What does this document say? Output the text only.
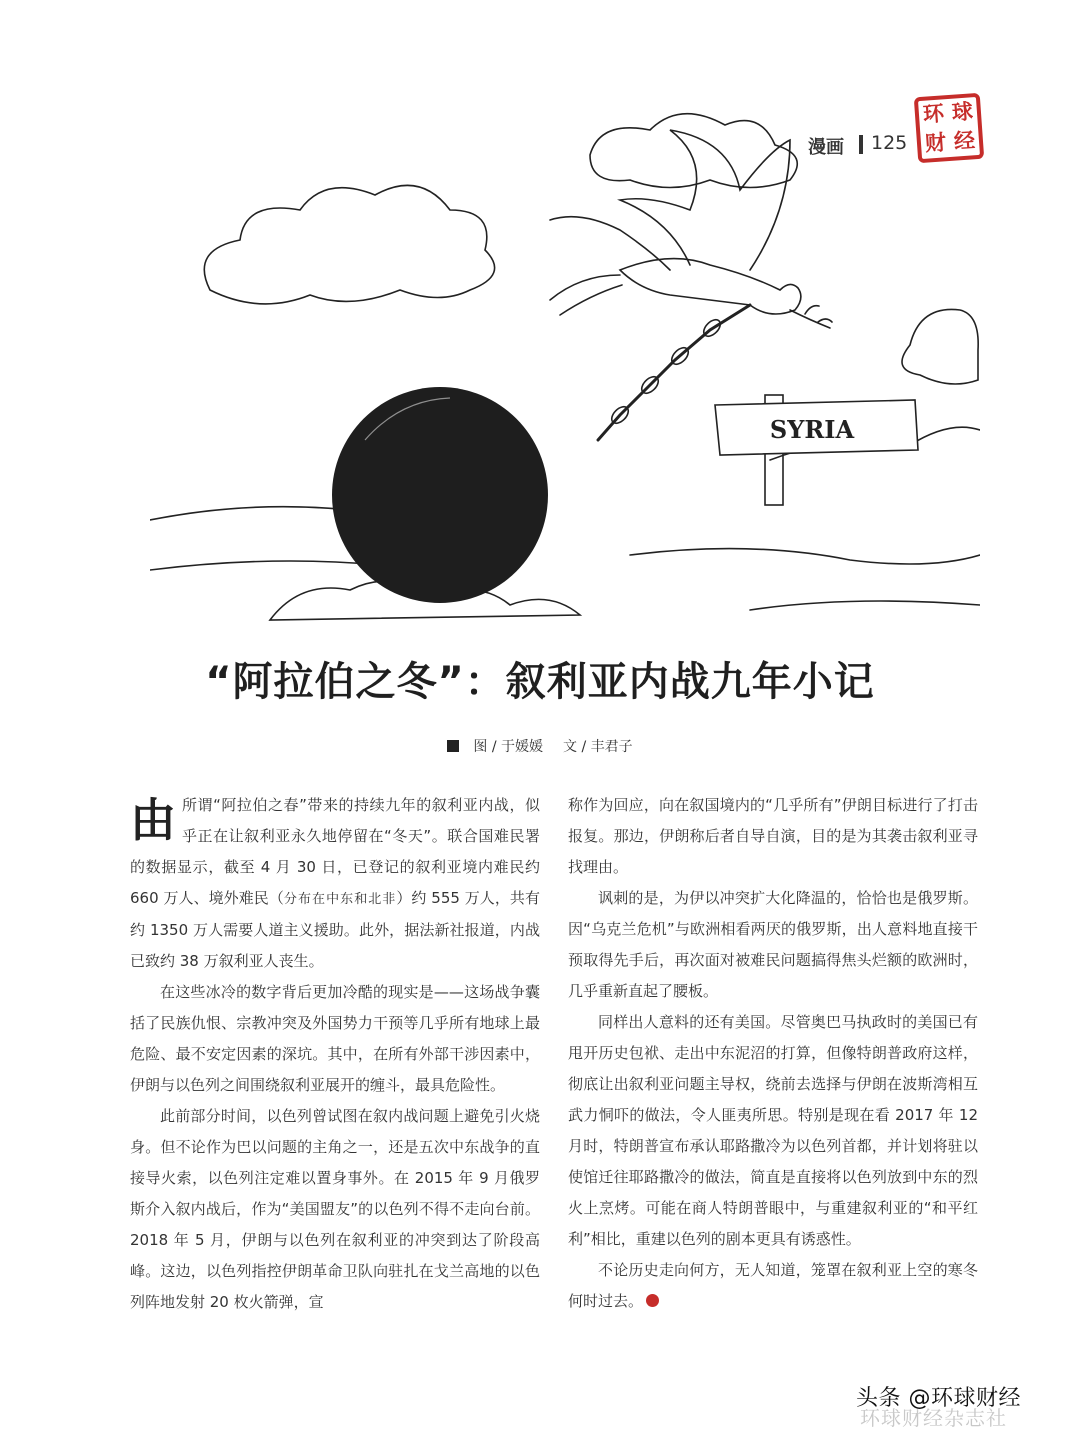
环 球
财 经
漫画 125
SYRIA
“阿拉伯之冬”：叙利亚内战九年小记
图 / 于媛媛 文 / 丰君子

由所谓“阿拉伯之春”带来的持续九年的叙利亚内战，似乎正在让叙利亚永久地停留在“冬天”。联合国难民署的数据显示，截至 4 月 30 日，已登记的叙利亚境内难民约 660 万人、境外难民（分布在中东和北非）约 555 万人，共有约 1350 万人需要人道主义援助。此外，据法新社报道，内战已致约 38 万叙利亚人丧生。

在这些冰冷的数字背后更加冷酷的现实是——这场战争囊括了民族仇恨、宗教冲突及外国势力干预等几乎所有地球上最危险、最不安定因素的深坑。其中，在所有外部干涉因素中，伊朗与以色列之间围绕叙利亚展开的缠斗，最具危险性。

此前部分时间，以色列曾试图在叙内战问题上避免引火烧身。但不论作为巴以问题的主角之一，还是五次中东战争的直接导火索，以色列注定难以置身事外。在 2015 年 9 月俄罗斯介入叙内战后，作为“美国盟友”的以色列不得不走向台前。2018 年 5 月，伊朗与以色列在叙利亚的冲突到达了阶段高峰。这边，以色列指控伊朗革命卫队向驻扎在戈兰高地的以色列阵地发射 20 枚火箭弹，宣

称作为回应，向在叙国境内的“几乎所有”伊朗目标进行了打击报复。那边，伊朗称后者自导自演，目的是为其袭击叙利亚寻找理由。

讽刺的是，为伊以冲突扩大化降温的，恰恰也是俄罗斯。因“乌克兰危机”与欧洲相看两厌的俄罗斯，出人意料地直接干预取得先手后，再次面对被难民问题搞得焦头烂额的欧洲时，几乎重新直起了腰板。

同样出人意料的还有美国。尽管奥巴马执政时的美国已有甩开历史包袱、走出中东泥沼的打算，但像特朗普政府这样，彻底让出叙利亚问题主导权，绕前去选择与伊朗在波斯湾相互武力恫吓的做法，令人匪夷所思。特别是现在看 2017 年 12 月时，特朗普宣布承认耶路撒冷为以色列首都，并计划将驻以使馆迁往耶路撒冷的做法，简直是直接将以色列放到中东的烈火上烹烤。可能在商人特朗普眼中，与重建叙利亚的“和平红利”相比，重建以色列的剧本更具有诱惑性。

不论历史走向何方，无人知道，笼罩在叙利亚上空的寒冬何时过去。

环球财经杂志社
头条 @环球财经
